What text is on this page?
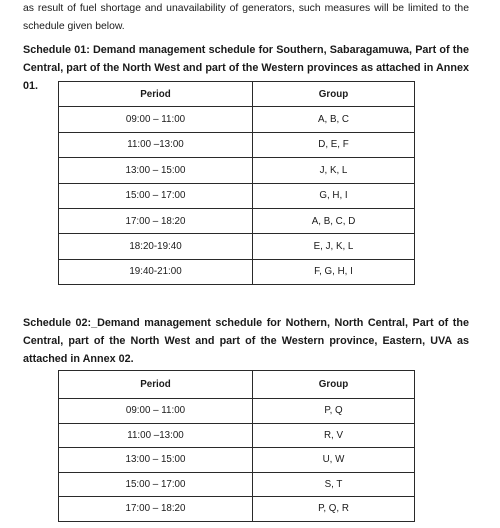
as result of fuel shortage and unavailability of generators, such measures will be limited to the schedule given below.

Schedule 01: Demand management schedule for Southern, Sabaragamuwa, Part of the Central, part of the North West and part of the Western provinces as attached in Annex 01.

Period	Group
09:00 – 11:00	A, B, C
11:00 –13:00	D, E, F
13:00 – 15:00	J, K, L
15:00 – 17:00	G, H, I
17:00 – 18:20	A, B, C, D
18:20-19:40	E, J, K, L
19:40-21:00	F, G, H, I

Schedule 02:_Demand management schedule for Nothern, North Central, Part of the Central, part of the North West and part of the Western province, Eastern, UVA as attached in Annex 02.

Period	Group
09:00 – 11:00	P, Q
11:00 –13:00	R, V
13:00 – 15:00	U, W
15:00 – 17:00	S, T
17:00 – 18:20	P, Q, R
